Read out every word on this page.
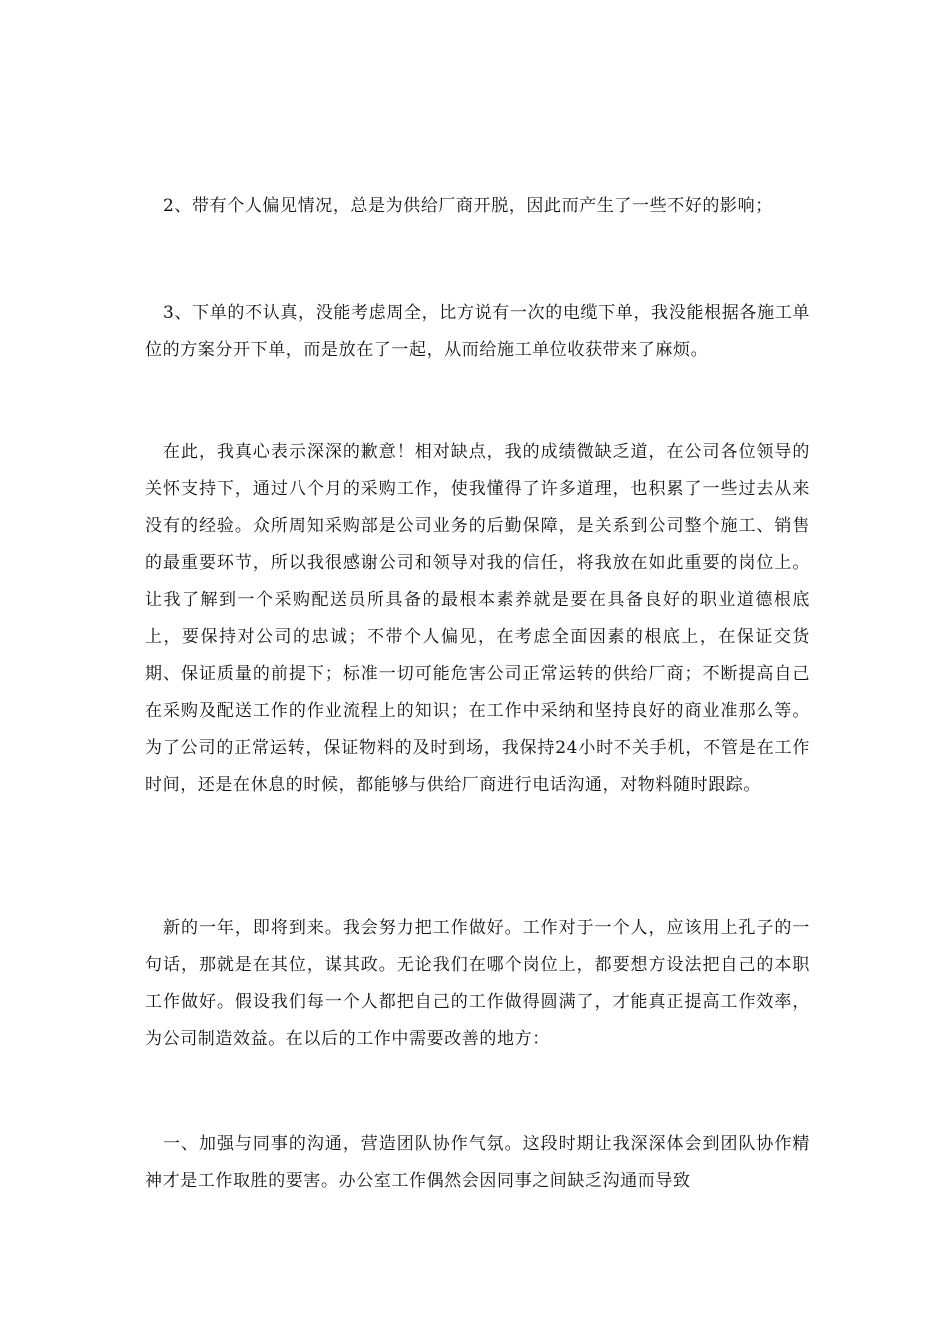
2、带有个人偏见情况，总是为供给厂商开脱，因此而产生了一些不好的影响；

3、下单的不认真，没能考虑周全，比方说有一次的电缆下单，我没能根据各施工单位的方案分开下单，而是放在了一起，从而给施工单位收获带来了麻烦。

在此，我真心表示深深的歉意！相对缺点，我的成绩微缺乏道，在公司各位领导的关怀支持下，通过八个月的采购工作，使我懂得了许多道理，也积累了一些过去从来没有的经验。众所周知采购部是公司业务的后勤保障，是关系到公司整个施工、销售的最重要环节，所以我很感谢公司和领导对我的信任，将我放在如此重要的岗位上。让我了解到一个采购配送员所具备的最根本素养就是要在具备良好的职业道德根底上，要保持对公司的忠诚；不带个人偏见，在考虑全面因素的根底上，在保证交货期、保证质量的前提下；标准一切可能危害公司正常运转的供给厂商；不断提高自己在采购及配送工作的作业流程上的知识；在工作中采纳和坚持良好的商业准那么等。为了公司的正常运转，保证物料的及时到场，我保持24小时不关手机，不管是在工作时间，还是在休息的时候，都能够与供给厂商进行电话沟通，对物料随时跟踪。

新的一年，即将到来。我会努力把工作做好。工作对于一个人，应该用上孔子的一句话，那就是在其位，谋其政。无论我们在哪个岗位上，都要想方设法把自己的本职工作做好。假设我们每一个人都把自己的工作做得圆满了，才能真正提高工作效率，为公司制造效益。在以后的工作中需要改善的地方：

一、加强与同事的沟通，营造团队协作气氛。这段时期让我深深体会到团队协作精神才是工作取胜的要害。办公室工作偶然会因同事之间缺乏沟通而导致
